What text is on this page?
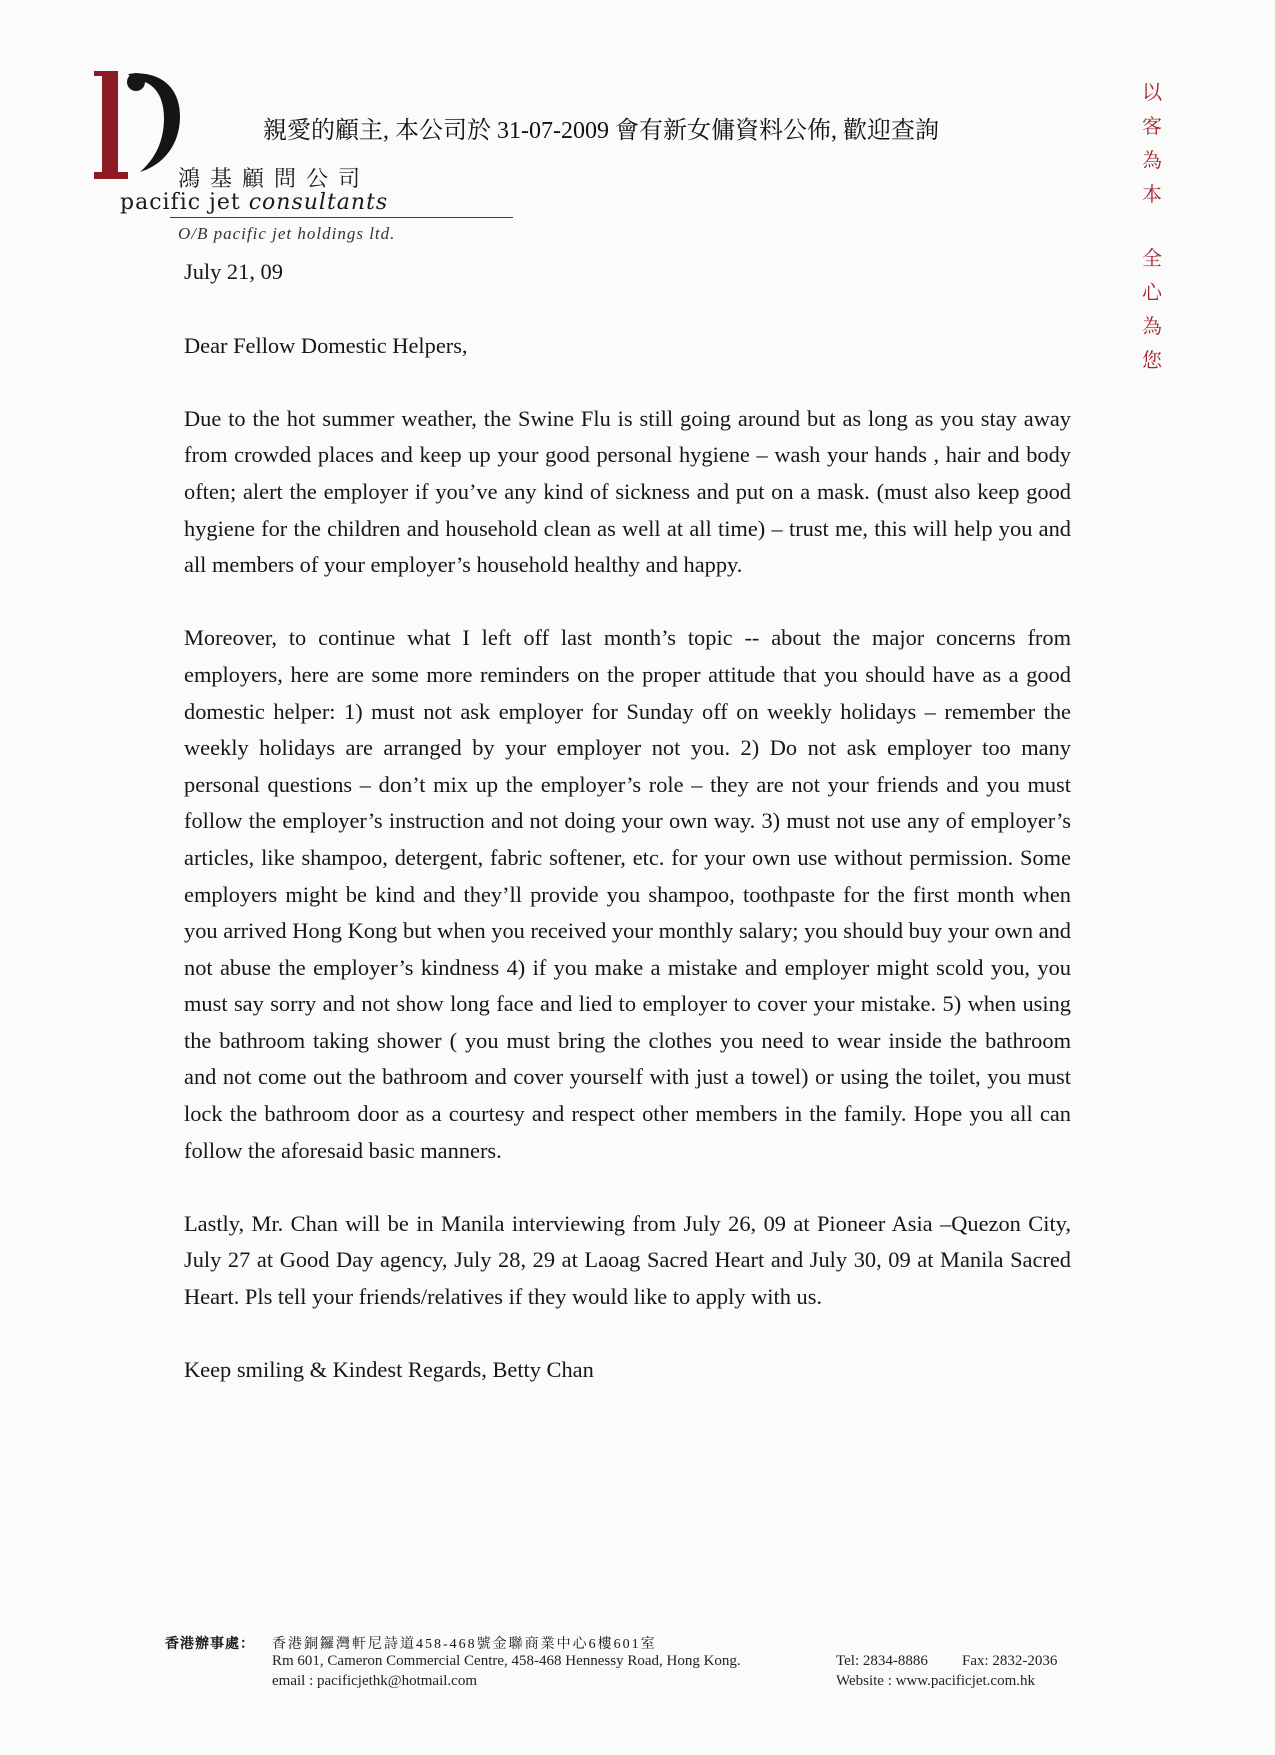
鴻基顧問公司
pacific jet consultants
O/B pacific jet holdings ltd.
親愛的顧主, 本公司於 31-07-2009 會有新女傭資料公佈, 歡迎查詢
以
客
為
本
全
心
為
您

July 21, 09

Dear Fellow Domestic Helpers,

Due to the hot summer weather, the Swine Flu is still going around but as long as you stay away from crowded places and keep up your good personal hygiene – wash your hands , hair and body often; alert the employer if you’ve any kind of sickness and put on a mask. (must also keep good hygiene for the children and household clean as well at all time) – trust me, this will help you and all members of your employer’s household healthy and happy.

Moreover, to continue what I left off last month’s topic -- about the major concerns from employers, here are some more reminders on the proper attitude that you should have as a good domestic helper: 1) must not ask employer for Sunday off on weekly holidays – remember the weekly holidays are arranged by your employer not you. 2) Do not ask employer too many personal questions – don’t mix up the employer’s role – they are not your friends and you must follow the employer’s instruction and not doing your own way. 3) must not use any of employer’s articles, like shampoo, detergent, fabric softener, etc. for your own use without permission. Some employers might be kind and they’ll provide you shampoo, toothpaste for the first month when you arrived Hong Kong but when you received your monthly salary; you should buy your own and not abuse the employer’s kindness 4) if you make a mistake and employer might scold you, you must say sorry and not show long face and lied to employer to cover your mistake. 5) when using the bathroom taking shower ( you must bring the clothes you need to wear inside the bathroom and not come out the bathroom and cover yourself with just a towel) or using the toilet, you must lock the bathroom door as a courtesy and respect other members in the family. Hope you all can follow the aforesaid basic manners.

Lastly, Mr. Chan will be in Manila interviewing from July 26, 09 at Pioneer Asia –Quezon City, July 27 at Good Day agency, July 28, 29 at Laoag Sacred Heart and July 30, 09 at Manila Sacred Heart. Pls tell your friends/relatives if they would like to apply with us.

Keep smiling & Kindest Regards, Betty Chan

香港辦事處： 香港銅鑼灣軒尼詩道458-468號金聯商業中心6樓601室
Rm 601, Cameron Commercial Centre, 458-468 Hennessy Road, Hong Kong.
email : pacificjethk@hotmail.com
Tel: 2834-8886 Fax: 2832-2036
Website : www.pacificjet.com.hk
